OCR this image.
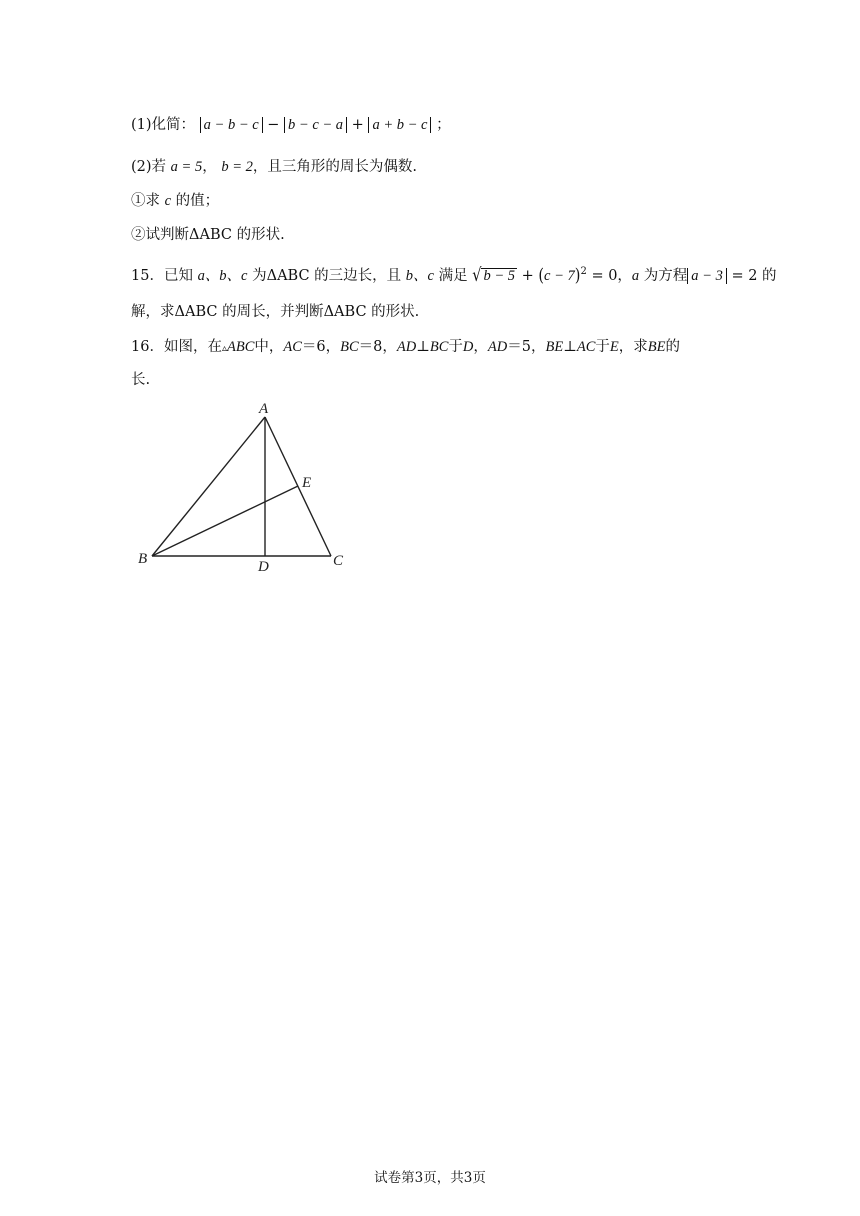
(1)化简： a − b − c − b − c − a + a + b − c ；
(2)若 a = 5， b = 2，且三角形的周长为偶数.
①求 c 的值；
②试判断ΔABC 的形状.
15．已知 a、b、c 为ΔABC 的三边长，且 b、c 满足 √ $b - 5 + (c - 7)^2 = 0$，a 为方程 a − 3 = 2 的
解，求ΔABC 的周长，并判断ΔABC 的形状.
16．如图，在▵ABC中，AC＝6，BC＝8，AD⊥BC于D，AD＝5，BE⊥AC于E，求BE的
长.
A
B	C
D
E
试卷第3页，共3页
